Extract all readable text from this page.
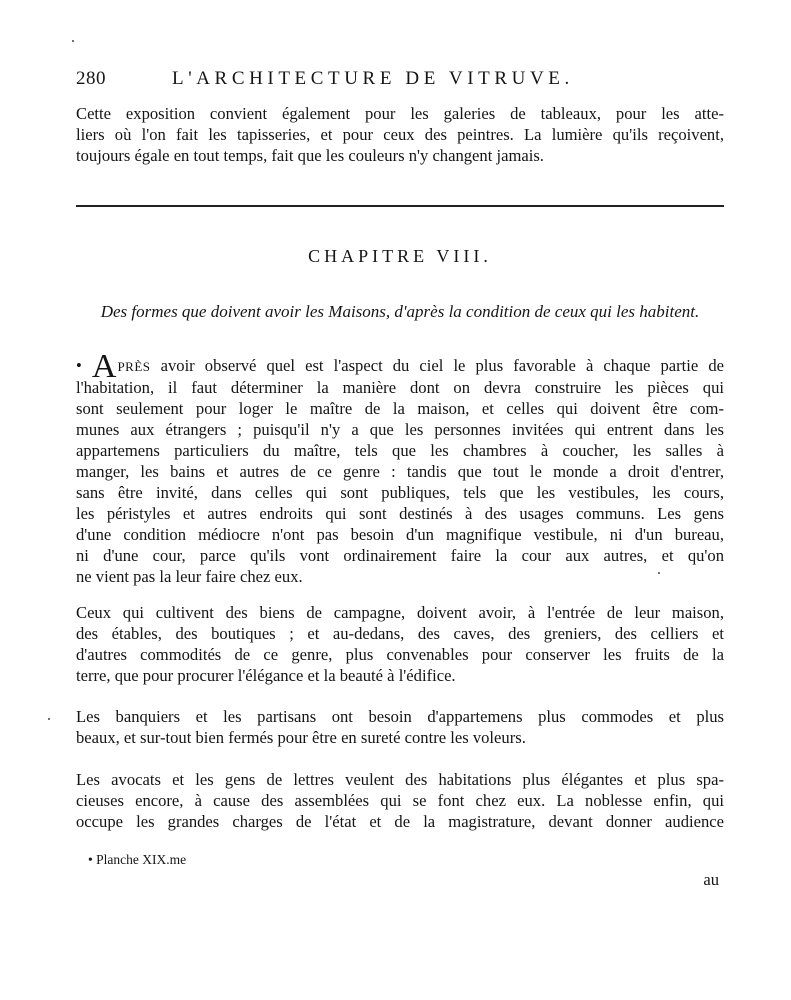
280	L'ARCHITECTURE DE VITRUVE.
Cette exposition convient également pour les galeries de tableaux, pour les atte-
liers où l'on fait les tapisseries, et pour ceux des peintres. La lumière qu'ils reçoivent,
toujours égale en tout temps, fait que les couleurs n'y changent jamais.
CHAPITRE VIII.
Des formes que doivent avoir les Maisons, d'après la condition de ceux qui les habitent.
• APRÈS avoir observé quel est l'aspect du ciel le plus favorable à chaque partie de
l'habitation, il faut déterminer la manière dont on devra construire les pièces qui
sont seulement pour loger le maître de la maison, et celles qui doivent être com-
munes aux étrangers ; puisqu'il n'y a que les personnes invitées qui entrent dans les
appartemens particuliers du maître, tels que les chambres à coucher, les salles à
manger, les bains et autres de ce genre : tandis que tout le monde a droit d'entrer,
sans être invité, dans celles qui sont publiques, tels que les vestibules, les cours,
les péristyles et autres endroits qui sont destinés à des usages communs. Les gens
d'une condition médiocre n'ont pas besoin d'un magnifique vestibule, ni d'un bureau,
ni d'une cour, parce qu'ils vont ordinairement faire la cour aux autres, et qu'on
ne vient pas la leur faire chez eux.
Ceux qui cultivent des biens de campagne, doivent avoir, à l'entrée de leur maison,
des étables, des boutiques ; et au-dedans, des caves, des greniers, des celliers et
d'autres commodités de ce genre, plus convenables pour conserver les fruits de la
terre, que pour procurer l'élégance et la beauté à l'édifice.
Les banquiers et les partisans ont besoin d'appartemens plus commodes et plus
beaux, et sur-tout bien fermés pour être en sureté contre les voleurs.
Les avocats et les gens de lettres veulent des habitations plus élégantes et plus spa-
cieuses encore, à cause des assemblées qui se font chez eux. La noblesse enfin, qui
occupe les grandes charges de l'état et de la magistrature, devant donner audience
• Planche XIX.me
au
